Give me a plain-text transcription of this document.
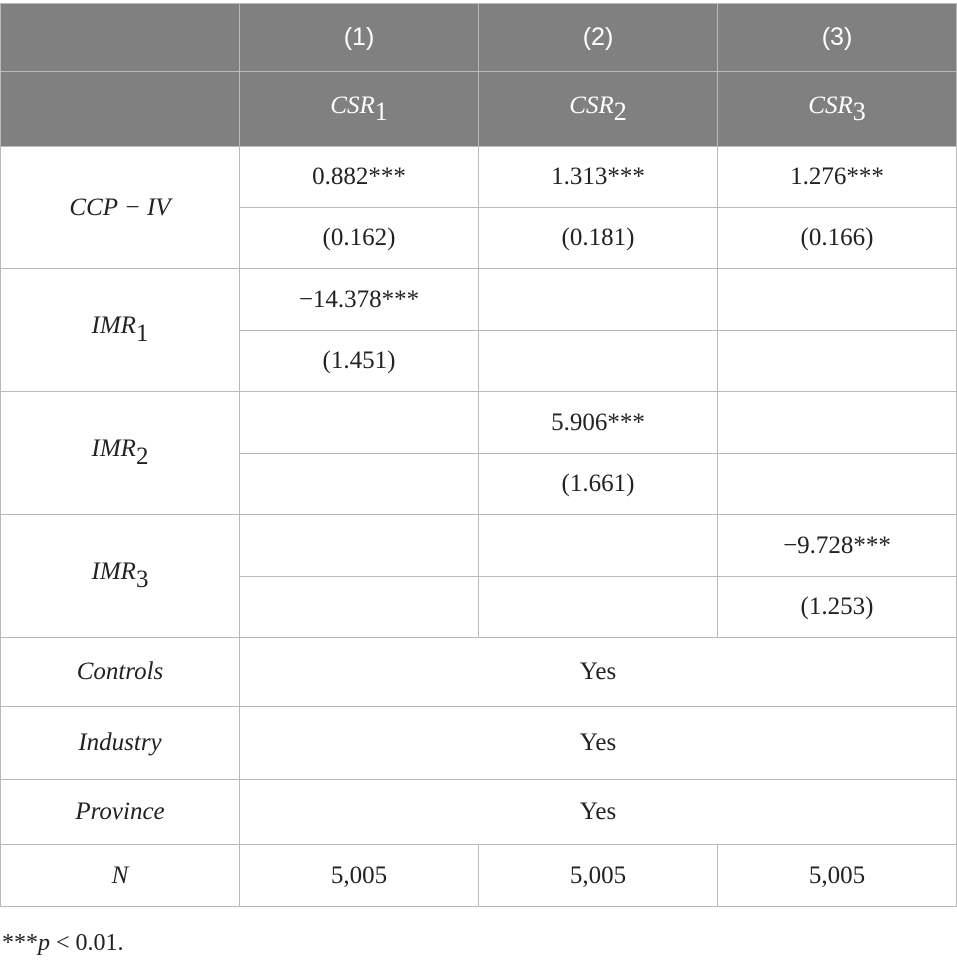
	(1)	(2)	(3)
	$CSR_1$	$CSR_2$	$CSR_3$
CCP − IV	0.882***	1.313***	1.276***
	(0.162)	(0.181)	(0.166)
$IMR_1$	−14.378***		
	(1.451)		
$IMR_2$		5.906***	
		(1.661)	
$IMR_3$			−9.728***
			(1.253)
Controls	Yes		
Industry	Yes		
Province	Yes		
N	5,005	5,005	5,005
***p < 0.01.
